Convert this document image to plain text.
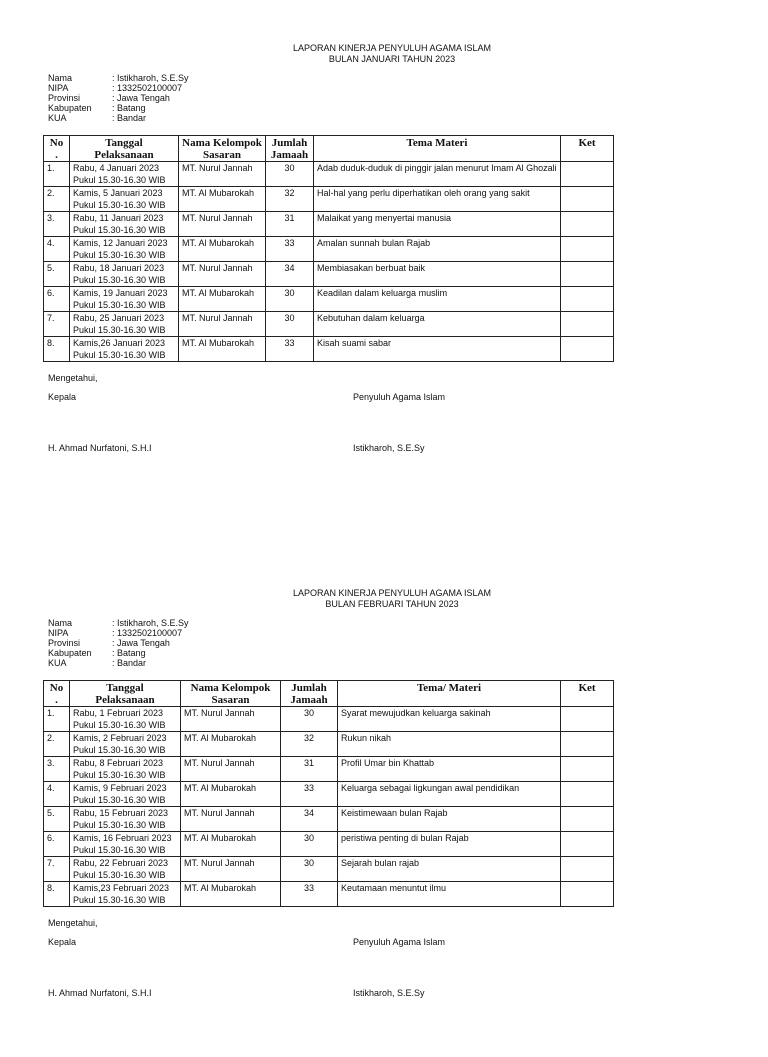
LAPORAN KINERJA PENYULUH AGAMA ISLAM
BULAN JANUARI TAHUN 2023
Nama	: Istikharoh, S.E.Sy
NIPA	: 1332502100007
Provinsi	: Jawa Tengah
Kabupaten	: Batang
KUA	: Bandar
No
.	Tanggal
Pelaksanaan	Nama Kelompok
Sasaran	Jumlah
Jamaah	Tema Materi	Ket
1.	Rabu, 4 Januari 2023
Pukul 15.30-16.30 WIB	MT. Nurul Jannah	30	Adab duduk-duduk di pinggir jalan menurut Imam Al Ghozali	
2.	Kamis, 5 Januari 2023
Pukul 15.30-16.30 WIB	MT. Al Mubarokah	32	Hal-hal yang perlu diperhatikan oleh orang yang sakit	
3.	Rabu, 11 Januari 2023
Pukul 15.30-16.30 WIB	MT. Nurul Jannah	31	Malaikat yang menyertai manusia	
4.	Kamis, 12 Januari 2023
Pukul 15.30-16.30 WIB	MT. Al Mubarokah	33	Amalan sunnah bulan Rajab	
5.	Rabu, 18 Januari 2023
Pukul 15.30-16.30 WIB	MT. Nurul Jannah	34	Membiasakan berbuat baik	
6.	Kamis, 19 Januari 2023
Pukul 15.30-16.30 WIB	MT. Al Mubarokah	30	Keadilan dalam keluarga muslim	
7.	Rabu, 25 Januari 2023
Pukul 15.30-16.30 WIB	MT. Nurul Jannah	30	Kebutuhan dalam keluarga	
8.	Kamis,26 Januari 2023
Pukul 15.30-16.30 WIB	MT. Al Mubarokah	33	Kisah suami sabar	
Mengetahui,
Kepala	Penyuluh Agama Islam
H. Ahmad Nurfatoni, S.H.I	Istikharoh, S.E.Sy
LAPORAN KINERJA PENYULUH AGAMA ISLAM
BULAN FEBRUARI TAHUN 2023
Nama	: Istikharoh, S.E.Sy
NIPA	: 1332502100007
Provinsi	: Jawa Tengah
Kabupaten	: Batang
KUA	: Bandar
No
.	Tanggal
Pelaksanaan	Nama Kelompok
Sasaran	Jumlah
Jamaah	Tema/ Materi	Ket
1.	Rabu, 1 Februari 2023
Pukul 15.30-16.30 WIB	MT. Nurul Jannah	30	Syarat mewujudkan keluarga sakinah	
2.	Kamis, 2 Februari 2023
Pukul 15.30-16.30 WIB	MT. Al Mubarokah	32	Rukun nikah	
3.	Rabu, 8 Februari 2023
Pukul 15.30-16.30 WIB	MT. Nurul Jannah	31	Profil Umar bin Khattab	
4.	Kamis, 9 Februari 2023
Pukul 15.30-16.30 WIB	MT. Al Mubarokah	33	Keluarga sebagai ligkungan awal pendidikan	
5.	Rabu, 15 Februari 2023
Pukul 15.30-16.30 WIB	MT. Nurul Jannah	34	Keistimewaan bulan Rajab	
6.	Kamis, 16 Februari 2023
Pukul 15.30-16.30 WIB	MT. Al Mubarokah	30	peristiwa penting di bulan Rajab	
7.	Rabu, 22 Februari 2023
Pukul 15.30-16.30 WIB	MT. Nurul Jannah	30	Sejarah bulan rajab	
8.	Kamis,23 Februari 2023
Pukul 15.30-16.30 WIB	MT. Al Mubarokah	33	Keutamaan menuntut ilmu	
Mengetahui,
Kepala	Penyuluh Agama Islam
H. Ahmad Nurfatoni, S.H.I	Istikharoh, S.E.Sy
